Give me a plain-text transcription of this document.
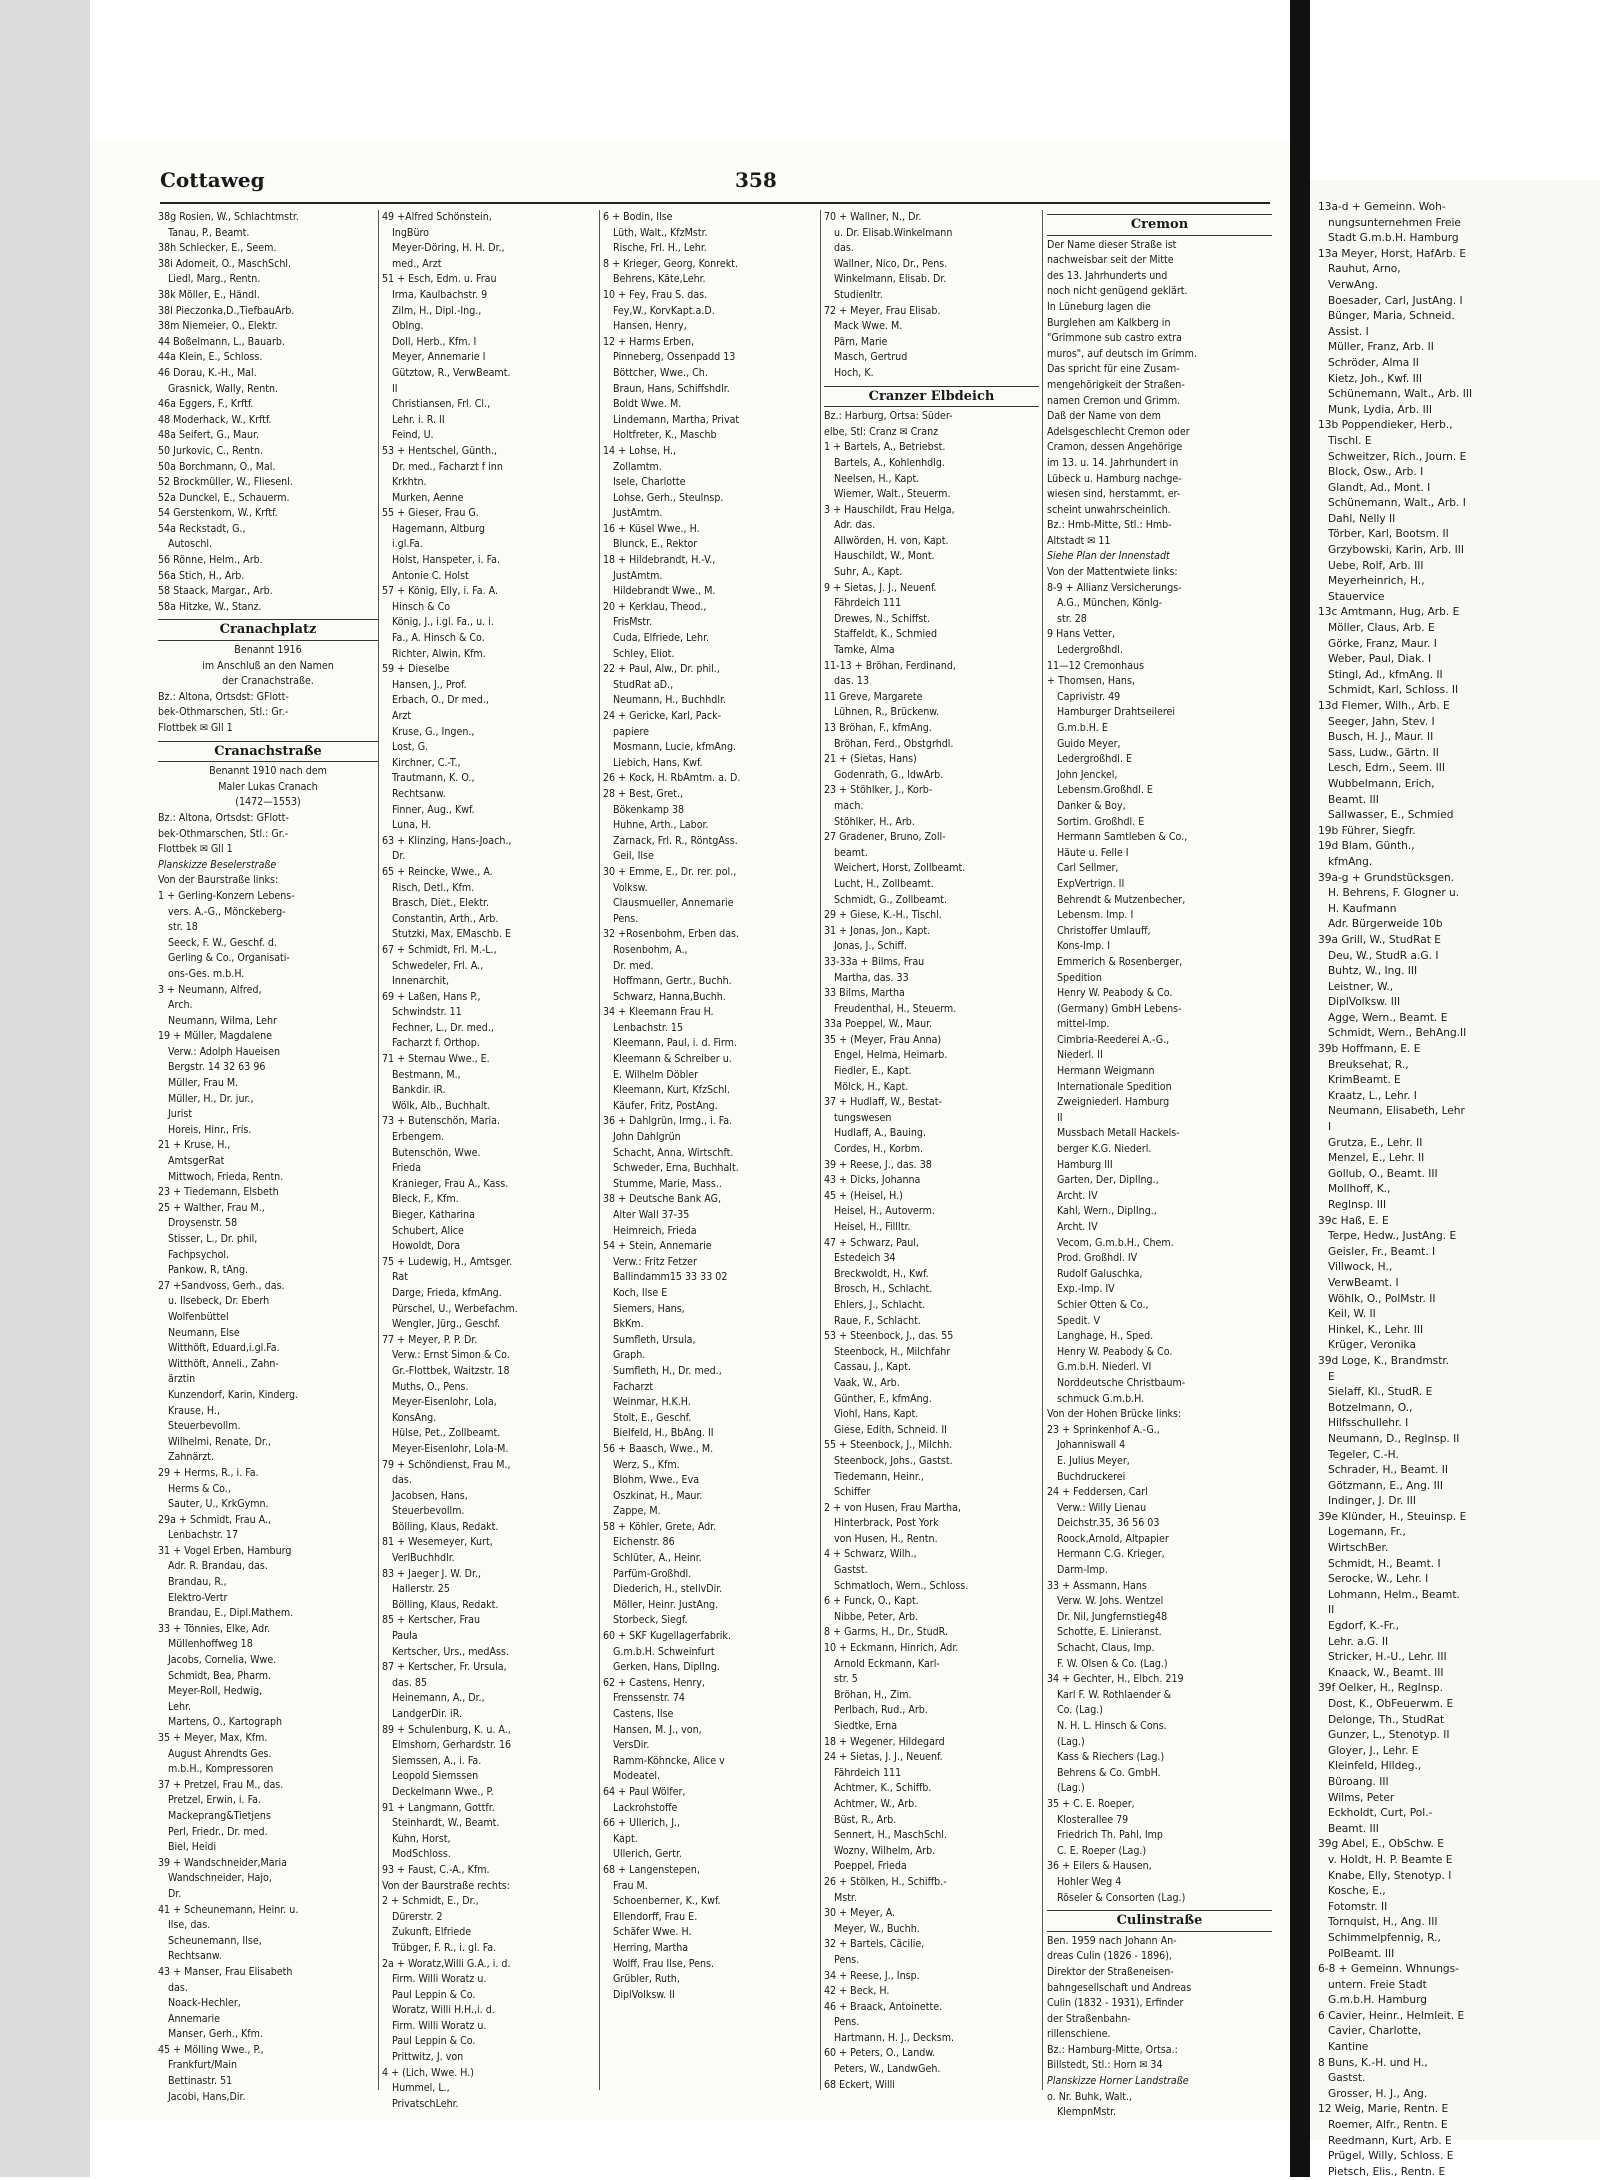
Cottaweg	358
38g Rosien, W., Schlachtmstr.
Tanau, P., Beamt.
38h Schlecker, E., Seem.
38i Adomeit, O., MaschSchl.
Liedl, Marg., Rentn.
38k Möller, E., Händl.
38l Pieczonka,D.,TiefbauArb.
38m Niemeier, O., Elektr.
44 Boßelmann, L., Bauarb.
44a Klein, E., Schloss.
46 Dorau, K.-H., Mal.
Grasnick, Wally, Rentn.
46a Eggers, F., Krftf.
48 Moderhack, W., Krftf.
48a Seifert, G., Maur.
50 Jurkovic, C., Rentn.
50a Borchmann, O., Mal.
52 Brockmüller, W., Fliesenl.
52a Dunckel, E., Schauerm.
54 Gerstenkorn, W., Krftf.
54a Reckstadt, G.,
Autoschl.
56 Rönne, Helm., Arb.
56a Stich, H., Arb.
58 Staack, Margar., Arb.
58a Hitzke, W., Stanz.
Cranachplatz
Benannt 1916
im Anschluß an den Namen
der Cranachstraße.
Bz.: Altona, Ortsdst: GFlott-
bek-Othmarschen, Stl.: Gr.-
Flottbek ✉ Gll 1
Cranachstraße
Benannt 1910 nach dem
Maler Lukas Cranach
(1472—1553)
Bz.: Altona, Ortsdst: GFlott-
bek-Othmarschen, Stl.: Gr.-
Flottbek ✉ Gll 1
Planskizze Beselerstraße
Von der Baurstraße links:
1 + Gerling-Konzern Lebens-
vers. A.-G., Mönckeberg-
str. 18
Seeck, F. W., Geschf. d.
Gerling & Co., Organisati-
ons-Ges. m.b.H.
3 + Neumann, Alfred,
Arch.
Neumann, Wilma, Lehr
19 + Müller, Magdalene
Verw.: Adolph Haueisen
Bergstr. 14 32 63 96
Müller, Frau M.
Müller, H., Dr. jur.,
Jurist
Horeis, Hinr., Fris.
21 + Kruse, H.,
AmtsgerRat
Mittwoch, Frieda, Rentn.
23 + Tiedemann, Elsbeth
25 + Walther, Frau M.,
Droysenstr. 58
Stisser, L., Dr. phil,
Fachpsychol.
Pankow, R, tAng.
27 +Sandvoss, Gerh., das.
u. Ilsebeck, Dr. Eberh
Wolfenbüttel
Neumann, Else
Witthöft, Eduard,i.gl.Fa.
Witthöft, Anneli., Zahn-
ärztin
Kunzendorf, Karin, Kinderg.
Krause, H.,
Steuerbevollm.
Wilhelmi, Renate, Dr.,
Zahnärzt.
29 + Herms, R., i. Fa.
Herms & Co.,
Sauter, U., KrkGymn.
29a + Schmidt, Frau A.,
Lenbachstr. 17
31 + Vogel Erben, Hamburg
Adr. R. Brandau, das.
Brandau, R.,
Elektro-Vertr
Brandau, E., Dipl.Mathem.
33 + Tönnies, Elke, Adr.
Müllenhoffweg 18
Jacobs, Cornelia, Wwe.
Schmidt, Bea, Pharm.
Meyer-Roll, Hedwig,
Lehr.
Martens, O., Kartograph
35 + Meyer, Max, Kfm.
August Ahrendts Ges.
m.b.H., Kompressoren
37 + Pretzel, Frau M., das.
Pretzel, Erwin, i. Fa.
Mackeprang&Tietjens
Perl, Friedr., Dr. med.
Biel, Heidi
39 + Wandschneider,Maria
Wandschneider, Hajo,
Dr.
41 + Scheunemann, Heinr. u.
Ilse, das.
Scheunemann, Ilse,
Rechtsanw.
43 + Manser, Frau Elisabeth
das.
Noack-Hechler,
Annemarie
Manser, Gerh., Kfm.
45 + Mölling Wwe., P.,
Frankfurt/Main
Bettinastr. 51
Jacobi, Hans,Dir.
49 +Alfred Schönstein,
IngBüro
Meyer-Döring, H. H. Dr.,
med., Arzt
51 + Esch, Edm. u. Frau
Irma, Kaulbachstr. 9
Zilm, H., Dipl.-Ing.,
ObIng.
Doll, Herb., Kfm. I
Meyer, Annemarie I
Gütztow, R., VerwBeamt.
II
Christiansen, Frl. Cl.,
Lehr. i. R. II
Feind, U.
53 + Hentschel, Günth.,
Dr. med., Facharzt f inn
Krkhtn.
Murken, Aenne
55 + Gieser, Frau G.
Hagemann, Altburg
i.gl.Fa.
Holst, Hanspeter, i. Fa.
Antonie C. Holst
57 + König, Elly, i. Fa. A.
Hinsch & Co
König, J., i.gl. Fa., u. i.
Fa., A. Hinsch & Co.
Richter, Alwin, Kfm.
59 + Dieselbe
Hansen, J., Prof.
Erbach, O., Dr med.,
Arzt
Kruse, G., Ingen.,
Lost, G.
Kirchner, C.-T.,
Trautmann, K. O.,
Rechtsanw.
Finner, Aug., Kwf.
Luna, H.
63 + Klinzing, Hans-Joach.,
Dr.
65 + Reincke, Wwe., A.
Risch, Detl., Kfm.
Brasch, Diet., Elektr.
Constantin, Arth., Arb.
Stutzki, Max, EMaschb. E
67 + Schmidt, Frl. M.-L.,
Schwedeler, Frl. A.,
Innenarchit,
69 + Laßen, Hans P.,
Schwindstr. 11
Fechner, L., Dr. med.,
Facharzt f. Orthop.
71 + Sternau Wwe., E.
Bestmann, M.,
Bankdir. iR.
Wölk, Alb., Buchhalt.
73 + Butenschön, Maria.
Erbengem.
Butenschön, Wwe.
Frieda
Kranieger, Frau A., Kass.
Bleck, F., Kfm.
Bieger, Katharina
Schubert, Alice
Howoldt, Dora
75 + Ludewig, H., Amtsger.
Rat
Darge, Frieda, kfmAng.
Pürschel, U., Werbefachm.
Wengler, Jürg., Geschf.
77 + Meyer, P. P. Dr.
Verw.: Ernst Simon & Co.
Gr.-Flottbek, Waitzstr. 18
Muths, O., Pens.
Meyer-Eisenlohr, Lola,
KonsAng.
Hülse, Pet., Zollbeamt.
Meyer-Eisenlohr, Lola-M.
79 + Schöndienst, Frau M.,
das.
Jacobsen, Hans,
Steuerbevollm.
Bölling, Klaus, Redakt.
81 + Wesemeyer, Kurt,
VerlBuchhdlr.
83 + Jaeger J. W. Dr.,
Hallerstr. 25
Bölling, Klaus, Redakt.
85 + Kertscher, Frau
Paula
Kertscher, Urs., medAss.
87 + Kertscher, Fr. Ursula,
das. 85
Heinemann, A., Dr.,
LandgerDir. iR.
89 + Schulenburg, K. u. A.,
Elmshorn, Gerhardstr. 16
Siemssen, A., i. Fa.
Leopold Siemssen
Deckelmann Wwe., P.
91 + Langmann, Gottfr.
Steinhardt, W., Beamt.
Kuhn, Horst,
ModSchloss.
93 + Faust, C.-A., Kfm.
Von der Baurstraße rechts:
2 + Schmidt, E., Dr.,
Dürerstr. 2
Zukunft, Elfriede
Trübger, F. R., i. gl. Fa.
2a + Woratz,Willi G.A., i. d.
Firm. Willi Woratz u.
Paul Leppin & Co.
Woratz, Willi H.H.,i. d.
Firm. Willi Woratz u.
Paul Leppin & Co.
Prittwitz, J. von
4 + (Lich, Wwe. H.)
Hummel, L.,
PrivatschLehr.
6 + Bodin, Ilse
Lüth, Walt., KfzMstr.
Rische, Frl. H., Lehr.
8 + Krieger, Georg, Konrekt.
Behrens, Käte,Lehr.
10 + Fey, Frau S. das.
Fey,W., KorvKapt.a.D.
Hansen, Henry,
12 + Harms Erben,
Pinneberg, Ossenpadd 13
Böttcher, Wwe., Ch.
Braun, Hans, Schiffshdlr.
Boldt Wwe. M.
Lindemann, Martha, Privat
Holtfreter, K., Maschb
14 + Lohse, H.,
Zollamtm.
Isele, Charlotte
Lohse, Gerh., Steulnsp.
JustAmtm.
16 + Küsel Wwe., H.
Blunck, E., Rektor
18 + Hildebrandt, H.-V.,
JustAmtm.
Hildebrandt Wwe., M.
20 + Kerklau, Theod.,
FrisMstr.
Cuda, Elfriede, Lehr.
Schley, Eliot.
22 + Paul, Alw., Dr. phil.,
StudRat aD.,
Neumann, H., Buchhdlr.
24 + Gericke, Karl, Pack-
papiere
Mosmann, Lucie, kfmAng.
Liebich, Hans, Kwf.
26 + Kock, H. RbAmtm. a. D.
28 + Best, Gret.,
Bökenkamp 38
Huhne, Arth., Labor.
Zarnack, Frl. R., RöntgAss.
Geil, Ilse
30 + Emme, E., Dr. rer. pol.,
Volksw.
Clausmueller, Annemarie
Pens.
32 +Rosenbohm, Erben das.
Rosenbohm, A.,
Dr. med.
Hoffmann, Gertr., Buchh.
Schwarz, Hanna,Buchh.
34 + Kleemann Frau H.
Lenbachstr. 15
Kleemann, Paul, i. d. Firm.
Kleemann & Schreiber u.
E. Wilhelm Döbler
Kleemann, Kurt, KfzSchl.
Käufer, Fritz, PostAng.
36 + Dahlgrün, Irmg., i. Fa.
John Dahlgrün
Schacht, Anna, Wirtschft.
Schweder, Erna, Buchhalt.
Stumme, Marie, Mass..
38 + Deutsche Bank AG,
Alter Wall 37-35
Heimreich, Frieda
54 + Stein, Annemarie
Verw.: Fritz Fetzer
Ballindamm15 33 33 02
Koch, Ilse E
Siemers, Hans,
BkKm.
Sumfleth, Ursula,
Graph.
Sumfleth, H., Dr. med.,
Facharzt
Weinmar, H.K.H.
Stolt, E., Geschf.
Bielfeld, H., BbAng. II
56 + Baasch, Wwe., M.
Werz, S., Kfm.
Blohm, Wwe., Eva
Oszkinat, H., Maur.
Zappe, M.
58 + Köhler, Grete, Adr.
Eichenstr. 86
Schlüter, A., Heinr.
Parfüm-Großhdl.
Diederich, H., stellvDir.
Möller, Heinr. JustAng.
Storbeck, Siegf.
60 + SKF Kugellagerfabrik.
G.m.b.H. Schweinfurt
Gerken, Hans, DiplIng.
62 + Castens, Henry,
Frenssenstr. 74
Castens, Ilse
Hansen, M. J., von,
VersDir.
Ramm-Köhncke, Alice v
Modeatel.
64 + Paul Wölfer,
Lackrohstoffe
66 + Ullerich, J.,
Kapt.
Ullerich, Gertr.
68 + Langenstepen,
Frau M.
Schoenberner, K., Kwf.
Ellendorff, Frau E.
Schäfer Wwe. H.
Herring, Martha
Wolff, Frau Ilse, Pens.
Grübler, Ruth,
DiplVolksw. II
70 + Wallner, N., Dr.
u. Dr. Elisab.Winkelmann
das.
Wallner, Nico, Dr., Pens.
Winkelmann, Elisab. Dr.
Studienltr.
72 + Meyer, Frau Elisab.
Mack Wwe. M.
Pärn, Marie
Masch, Gertrud
Hoch, K.
Cranzer Elbdeich
Bz.: Harburg, Ortsa: Süder-
elbe, Stl: Cranz ✉ Cranz
1 + Bartels, A., Betriebst.
Bartels, A., Kohlenhdlg.
Neelsen, H., Kapt.
Wiemer, Walt., Steuerm.
3 + Hauschildt, Frau Helga,
Adr. das.
Allwörden, H. von, Kapt.
Hauschildt, W., Mont.
Suhr, A., Kapt.
9 + Sietas, J. J., Neuenf.
Fährdeich 111
Drewes, N., Schiffst.
Staffeldt, K., Schmied
Tamke, Alma
11-13 + Bröhan, Ferdinand,
das. 13
11 Greve, Margarete
Lühnen, R., Brückenw.
13 Bröhan, F., kfmAng.
Bröhan, Ferd., Obstgrhdl.
21 + (Sietas, Hans)
Godenrath, G., ldwArb.
23 + Stöhlker, J., Korb-
mach.
Stöhlker, H., Arb.
27 Gradener, Bruno, Zoll-
beamt.
Weichert, Horst, Zollbeamt.
Lucht, H., Zollbeamt.
Schmidt, G., Zollbeamt.
29 + Giese, K.-H., Tischl.
31 + Jonas, Jon., Kapt.
Jonas, J., Schiff.
33-33a + Bilms, Frau
Martha, das. 33
33 Bilms, Martha
Freudenthal, H., Steuerm.
33a Poeppel, W., Maur.
35 + (Meyer, Frau Anna)
Engel, Helma, Heimarb.
Fiedler, E., Kapt.
Mölck, H., Kapt.
37 + Hudlaff, W., Bestat-
tungswesen
Hudlaff, A., Bauing.
Cordes, H., Korbm.
39 + Reese, J., das. 38
43 + Dicks, Johanna
45 + (Heisel, H.)
Heisel, H., Autoverm.
Heisel, H., FillItr.
47 + Schwarz, Paul,
Estedeich 34
Breckwoldt, H., Kwf.
Brosch, H., Schlacht.
Ehlers, J., Schlacht.
Raue, F., Schlacht.
53 + Steenbock, J., das. 55
Steenbock, H., Milchfahr
Cassau, J., Kapt.
Vaak, W., Arb.
Günther, F., kfmAng.
Viohl, Hans, Kapt.
Giese, Edith, Schneid. II
55 + Steenbock, J., Milchh.
Steenbock, Johs., Gastst.
Tiedemann, Heinr.,
Schiffer
2 + von Husen, Frau Martha,
Hinterbrack, Post York
von Husen, H., Rentn.
4 + Schwarz, Wilh.,
Gastst.
Schmatloch, Wern., Schloss.
6 + Funck, O., Kapt.
Nibbe, Peter, Arb.
8 + Garms, H., Dr., StudR.
10 + Eckmann, Hinrich, Adr.
Arnold Eckmann, Karl-
str. 5
Bröhan, H., Zim.
Perlbach, Rud., Arb.
Siedtke, Erna
18 + Wegener, Hildegard
24 + Sietas, J. J., Neuenf.
Fährdeich 111
Achtmer, K., Schiffb.
Achtmer, W., Arb.
Büst, R., Arb.
Sennert, H., MaschSchl.
Wozny, Wilhelm, Arb.
Poeppel, Frieda
26 + Stölken, H., Schiffb.-
Mstr.
30 + Meyer, A.
Meyer, W., Buchh.
32 + Bartels, Cäcilie,
Pens.
34 + Reese, J., Insp.
42 + Beck, H.
46 + Braack, Antoinette.
Pens.
Hartmann, H. J., Decksm.
60 + Peters, O., Landw.
Peters, W., LandwGeh.
68 Eckert, Willi
Cremon
Der Name dieser Straße ist
nachweisbar seit der Mitte
des 13. Jahrhunderts und
noch nicht genügend geklärt.
In Lüneburg lagen die
Burglehen am Kalkberg in
"Grimmone sub castro extra
muros", auf deutsch im Grimm.
Das spricht für eine Zusam-
mengehörigkeit der Straßen-
namen Cremon und Grimm.
Daß der Name von dem
Adelsgeschlecht Cremon oder
Cramon, dessen Angehörige
im 13. u. 14. Jahrhundert in
Lübeck u. Hamburg nachge-
wiesen sind, herstammt, er-
scheint unwahrscheinlich.
Bz.: Hmb-Mitte, Stl.: Hmb-
Altstadt ✉ 11
Siehe Plan der Innenstadt
Von der Mattentwiete links:
8-9 + Allianz Versicherungs-
A.G., München, Könlg-
str. 28
9 Hans Vetter,
Ledergroßhdl.
11—12 Cremonhaus
+ Thomsen, Hans,
Caprivistr. 49
Hamburger Drahtseilerei
G.m.b.H. E
Guido Meyer,
Ledergroßhdl. E
John Jenckel,
Lebensm.Großhdl. E
Danker & Boy,
Sortim. Großhdl. E
Hermann Samtleben & Co.,
Häute u. Felle I
Carl Sellmer,
ExpVertrign. II
Behrendt & Mutzenbecher,
Lebensm. Imp. I
Christoffer Umlauff,
Kons-Imp. I
Emmerich & Rosenberger,
Spedition
Henry W. Peabody & Co.
(Germany) GmbH Lebens-
mittel-Imp.
Cimbria-Reederei A.-G.,
Niederl. II
Hermann Weigmann
Internationale Spedition
Zweigniederl. Hamburg
II
Mussbach Metall Hackels-
berger K.G. Niederl.
Hamburg III
Garten, Der, DiplIng.,
Archt. IV
Kahl, Wern., DiplIng.,
Archt. IV
Vecom, G.m.b.H., Chem.
Prod. Großhdl. IV
Rudolf Galuschka,
Exp.-Imp. IV
Schier Otten & Co.,
Spedit. V
Langhage, H., Sped.
Henry W. Peabody & Co.
G.m.b.H. Niederl. VI
Norddeutsche Christbaum-
schmuck G.m.b.H.
Von der Hohen Brücke links:
23 + Sprinkenhof A.-G.,
Johanniswall 4
E. Julius Meyer,
Buchdruckerei
24 + Feddersen, Carl
Verw.: Willy Lienau
Deichstr.35, 36 56 03
Roock,Arnold, Altpapier
Hermann C.G. Krieger,
Darm-Imp.
33 + Assmann, Hans
Verw. W. Johs. Wentzel
Dr. Nil, Jungfernstieg48
Schotte, E. Linieranst.
Schacht, Claus, Imp.
F. W. Olsen & Co. (Lag.)
34 + Gechter, H., Elbch. 219
Karl F. W. Rothlaender &
Co. (Lag.)
N. H. L. Hinsch & Cons.
(Lag.)
Kass & Riechers (Lag.)
Behrens & Co. GmbH.
(Lag.)
35 + C. E. Roeper,
Klosterallee 79
Friedrich Th. Pahl, Imp
C. E. Roeper (Lag.)
36 + Eilers & Hausen,
Hohler Weg 4
Röseler & Consorten (Lag.)
Culinstraße
Ben. 1959 nach Johann An-
dreas Culin (1826 - 1896),
Direktor der Straßeneisen-
bahngesellschaft und Andreas
Culin (1832 - 1931), Erfinder
der Straßenbahn-
rillenschiene.
Bz.: Hamburg-Mitte, Ortsa.:
Billstedt, Stl.: Horn ✉ 34
Planskizze Horner Landstraße
o. Nr. Buhk, Walt.,
KlempnMstr.
13a-d + Gemeinn. Woh-
nungsunternehmen Freie
Stadt G.m.b.H. Hamburg
13a Meyer, Horst, HafArb. E
Rauhut, Arno,
VerwAng.
Boesader, Carl, JustAng. I
Bünger, Maria, Schneid.
Assist. I
Müller, Franz, Arb. II
Schröder, Alma II
Kietz, Joh., Kwf. III
Schünemann, Walt., Arb. III
Munk, Lydia, Arb. III
13b Poppendieker, Herb.,
Tischl. E
Schweitzer, Rich., Journ. E
Block, Osw., Arb. I
Glandt, Ad., Mont. I
Schünemann, Walt., Arb. I
Dahl, Nelly II
Törber, Karl, Bootsm. II
Grzybowski, Karin, Arb. III
Uebe, Rolf, Arb. III
Meyerheinrich, H.,
Stauervice
13c Amtmann, Hug, Arb. E
Möller, Claus, Arb. E
Görke, Franz, Maur. I
Weber, Paul, Diak. I
Stingl, Ad., kfmAng. II
Schmidt, Karl, Schloss. II
13d Flemer, Wilh., Arb. E
Seeger, Jahn, Stev. I
Busch, H. J., Maur. II
Sass, Ludw., Gärtn. II
Lesch, Edm., Seem. III
Wubbelmann, Erich,
Beamt. III
Sallwasser, E., Schmied
19b Führer, Siegfr.
19d Blam, Günth.,
kfmAng.
39a-g + Grundstücksgen.
H. Behrens, F. Glogner u.
H. Kaufmann
Adr. Bürgerweide 10b
39a Grill, W., StudRat E
Deu, W., StudR a.G. I
Buhtz, W., Ing. III
Leistner, W.,
DiplVolksw. III
Agge, Wern., Beamt. E
Schmidt, Wern., BehAng.II
39b Hoffmann, E. E
Breuksehat, R.,
KrimBeamt. E
Kraatz, L., Lehr. I
Neumann, Elisabeth, Lehr
I
Grutza, E., Lehr. II
Menzel, E., Lehr. II
Gollub, O., Beamt. III
Mollhoff, K.,
Reglnsp. III
39c Haß, E. E
Terpe, Hedw., JustAng. E
Geisler, Fr., Beamt. I
Villwock, H.,
VerwBeamt. I
Wöhlk, O., PolMstr. II
Keil, W. II
Hinkel, K., Lehr. III
Krüger, Veronika
39d Loge, K., Brandmstr.
E
Sielaff, Kl., StudR. E
Botzelmann, O.,
Hilfsschullehr. I
Neumann, D., Reglnsp. II
Tegeler, C.-H.
Schrader, H., Beamt. II
Götzmann, E., Ang. III
Indinger, J. Dr. III
39e Klünder, H., Steuinsp. E
Logemann, Fr.,
WirtschBer.
Schmidt, H., Beamt. I
Serocke, W., Lehr. I
Lohmann, Helm., Beamt.
II
Egdorf, K.-Fr.,
Lehr. a.G. II
Stricker, H.-U., Lehr. III
Knaack, W., Beamt. III
39f Oelker, H., Reglnsp.
Dost, K., ObFeuerwm. E
Delonge, Th., StudRat
Gunzer, L., Stenotyp. II
Gloyer, J., Lehr. E
Kleinfeld, Hildeg.,
Büroang. III
Wilms, Peter
Eckholdt, Curt, Pol.-
Beamt. III
39g Abel, E., ObSchw. E
v. Holdt, H. P. Beamte E
Knabe, Elly, Stenotyp. I
Kosche, E.,
Fotomstr. II
Tornquist, H., Ang. III
Schimmelpfennig, R.,
PolBeamt. III
6-8 + Gemeinn. Whnungs-
untern. Freie Stadt
G.m.b.H. Hamburg
6 Cavier, Heinr., Helmleit. E
Cavier, Charlotte,
Kantine
8 Buns, K.-H. und H.,
Gastst.
Grosser, H. J., Ang.
12 Weig, Marie, Rentn. E
Roemer, Alfr., Rentn. E
Reedmann, Kurt, Arb. E
Prügel, Willy, Schloss. E
Pietsch, Elis., Rentn. E
